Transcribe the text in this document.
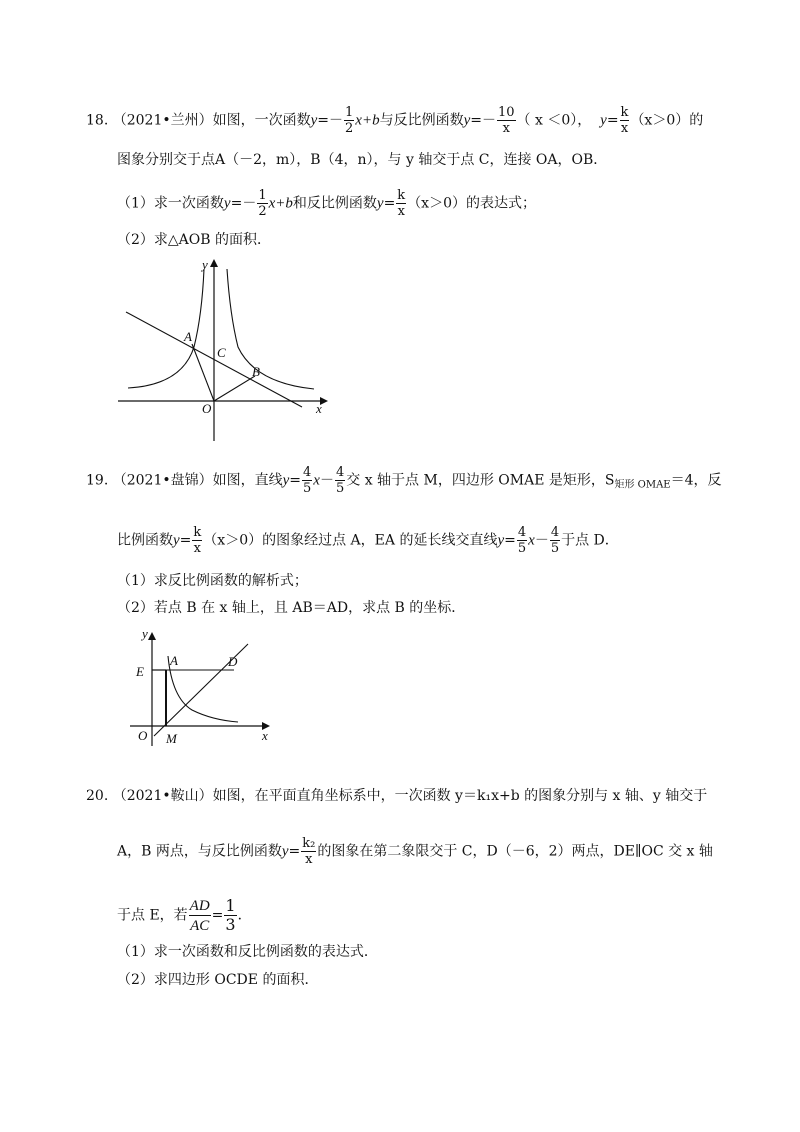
18. （2021•兰州）如图，一次函数$y=- \frac{1}{2} x+b$与反比例函数$y=- \frac{10}{x}$ （ x ＜0）， $y= \frac{k}{x} (x>0)$的
图象分别交于点A（－2，m），B（4，n），与 y 轴交于点 C，连接 OA，OB．
（1）求一次函数$y=- \frac{1}{2} x+b$和反比例函数$y= \frac{k}{x} (x>0)$的表达式；
（2）求△AOB 的面积．
y
x
O
A
B
C
19. （2021•盘锦）如图，直线$y= \frac{4}{5} x- \frac{4}{5}$ 交 x 轴于点 M，四边形 OMAE 是矩形，$S_{矩形 OMAE}=4$，反
比例函数$y= \frac{k}{x} (x>0)$的图象经过点 A，EA 的延长线交直线$y= \frac{4}{5} x- \frac{4}{5}$ 于点 D．
（1）求反比例函数的解析式；
（2）若点 B 在 x 轴上，且 AB＝AD，求点 B 的坐标．
y
x
O M
E
A	D
20. （2021•鞍山）如图，在平面直角坐标系中，一次函数 y＝k₁x+b 的图象分别与 x 轴、y 轴交于
A，B 两点，与反比例函数$y= \frac{\text{k₂}}{x}$ 的图象在第二象限交于 C，D（－6，2）两点，DE∥OC 交 x 轴
于点 E，若 $\frac{AD}{AC} = \frac{1}{3}$ ．
（1）求一次函数和反比例函数的表达式．
（2）求四边形 OCDE 的面积．
